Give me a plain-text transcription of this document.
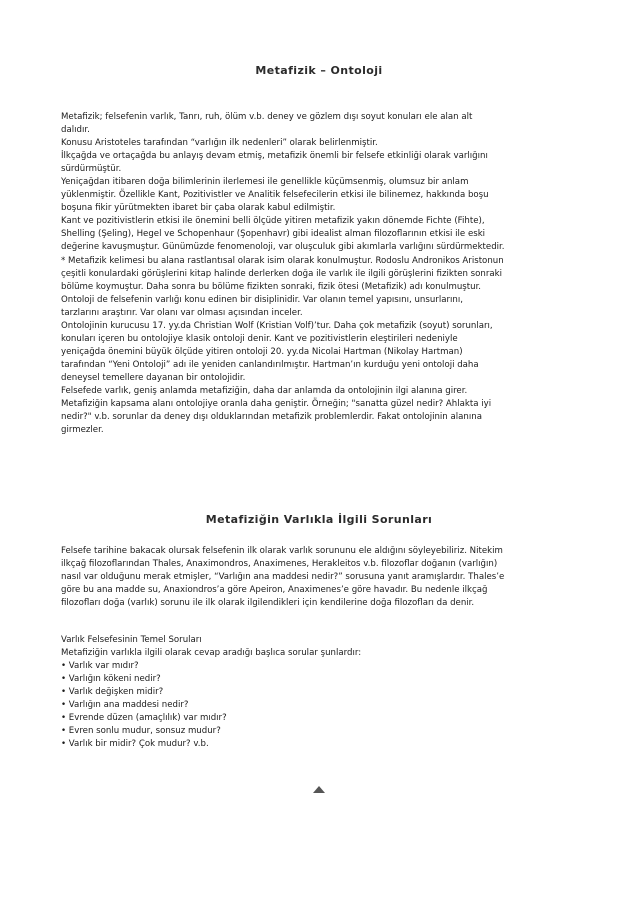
Metafizik – Ontoloji
Metafizik; felsefenin varlık, Tanrı, ruh, ölüm v.b. deney ve gözlem dışı soyut konuları ele alan alt
dalıdır.
Konusu Aristoteles tarafından “varlığın ilk nedenleri” olarak belirlenmiştir.
İlkçağda ve ortaçağda bu anlayış devam etmiş, metafizik önemli bir felsefe etkinliği olarak varlığını
sürdürmüştür.
Yeniçağdan itibaren doğa bilimlerinin ilerlemesi ile genellikle küçümsenmiş, olumsuz bir anlam
yüklenmiştir. Özellikle Kant, Pozitivistler ve Analitik felsefecilerin etkisi ile bilinemez, hakkında boşu
boşuna fikir yürütmekten ibaret bir çaba olarak kabul edilmiştir.
Kant ve pozitivistlerin etkisi ile önemini belli ölçüde yitiren metafizik yakın dönemde Fichte (Fihte),
Shelling (Şeling), Hegel ve Schopenhaur (Şopenhavr) gibi idealist alman filozoflarının etkisi ile eski
değerine kavuşmuştur. Günümüzde fenomenoloji, var oluşculuk gibi akımlarla varlığını sürdürmektedir.
* Metafizik kelimesi bu alana rastlantısal olarak isim olarak konulmuştur. Rodoslu Andronikos Aristonun
çeşitli konulardaki görüşlerini kitap halinde derlerken doğa ile varlık ile ilgili görüşlerini fizikten sonraki
bölüme koymuştur. Daha sonra bu bölüme fizikten sonraki, fizik ötesi (Metafizik) adı konulmuştur.
Ontoloji de felsefenin varlığı konu edinen bir disiplinidir. Var olanın temel yapısını, unsurlarını,
tarzlarını araştırır. Var olanı var olması açısından inceler.
Ontolojinin kurucusu 17. yy.da Christian Wolf (Kristian Volf)’tur. Daha çok metafizik (soyut) sorunları,
konuları içeren bu ontolojiye klasik ontoloji denir. Kant ve pozitivistlerin eleştirileri nedeniyle
yeniçağda önemini büyük ölçüde yitiren ontoloji 20. yy.da Nicolai Hartman (Nikolay Hartman)
tarafından “Yeni Ontoloji” adı ile yeniden canlandırılmıştır. Hartman’ın kurduğu yeni ontoloji daha
deneysel temellere dayanan bir ontolojidir.
Felsefede varlık, geniş anlamda metafiziğin, daha dar anlamda da ontolojinin ilgi alanına girer.
Metafiziğin kapsama alanı ontolojiye oranla daha geniştir. Örneğin; "sanatta güzel nedir? Ahlakta iyi
nedir?" v.b. sorunlar da deney dışı olduklarından metafizik problemlerdir. Fakat ontolojinin alanına
girmezler.
Metafiziğin Varlıkla İlgili Sorunları
Felsefe tarihine bakacak olursak felsefenin ilk olarak varlık sorununu ele aldığını söyleyebiliriz. Nitekim
ilkçağ filozoflarından Thales, Anaximondros, Anaximenes, Herakleitos v.b. filozoflar doğanın (varlığın)
nasıl var olduğunu merak etmişler, “Varlığın ana maddesi nedir?” sorusuna yanıt aramışlardır. Thales’e
göre bu ana madde su, Anaxiondros’a göre Apeiron, Anaximenes’e göre havadır. Bu nedenle ilkçağ
filozofları doğa (varlık) sorunu ile ilk olarak ilgilendikleri için kendilerine doğa filozofları da denir.
Varlık Felsefesinin Temel Soruları
Metafiziğin varlıkla ilgili olarak cevap aradığı başlıca sorular şunlardır:
• Varlık var mıdır?
• Varlığın kökeni nedir?
• Varlık değişken midir?
• Varlığın ana maddesi nedir?
• Evrende düzen (amaçlılık) var mıdır?
• Evren sonlu mudur, sonsuz mudur?
• Varlık bir midir? Çok mudur? v.b.
